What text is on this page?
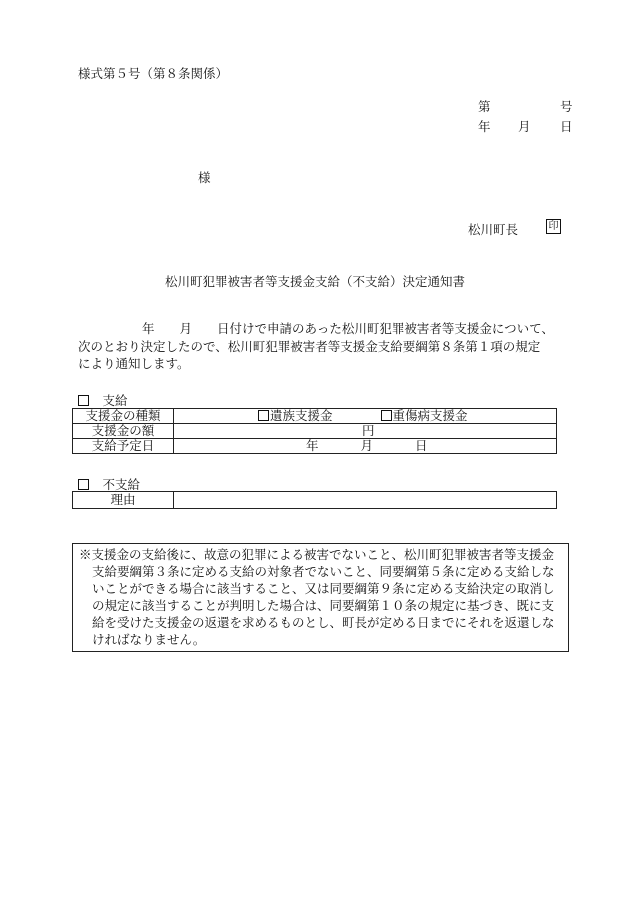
様式第５号（第８条関係）
第	号
年 月 日
様
松川町長	印
松川町犯罪被害者等支援金支給（不支給）決定通知書
年　　月　　日付けで申請のあった松川町犯罪被害者等支援金について、
次のとおり決定したので、松川町犯罪被害者等支援金支給要綱第８条第１項の規定
により通知します。
　支給
支援金の種類	遺族支援金 重傷病支援金
支援金の額	円
支給予定日	年 月 日
　不支給
理由	
※支援金の支給後に、故意の犯罪による被害でないこと、松川町犯罪被害者等支援金支給要綱第３条に定める支給の対象者でないこと、同要綱第５条に定める支給しないことができる場合に該当すること、又は同要綱第９条に定める支給決定の取消しの規定に該当することが判明した場合は、同要綱第１０条の規定に基づき、既に支給を受けた支援金の返還を求めるものとし、町長が定める日までにそれを返還しなければなりません。
